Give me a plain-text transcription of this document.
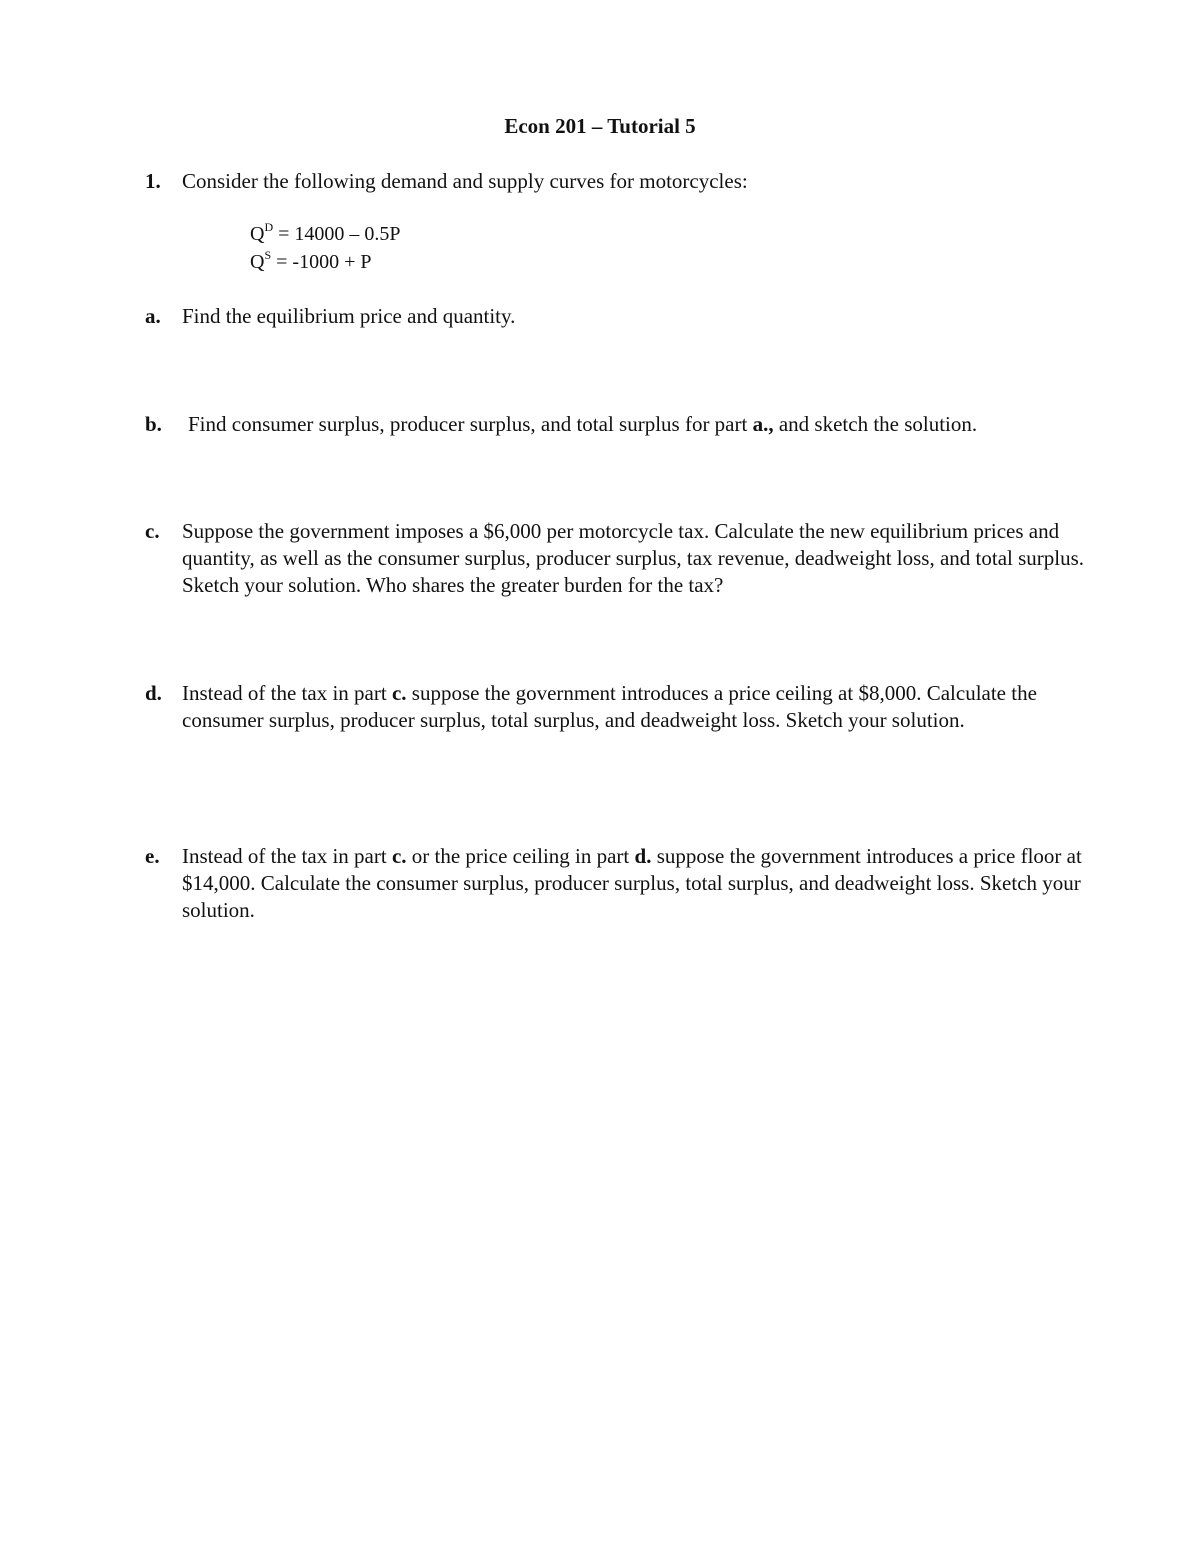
Econ 201 – Tutorial 5
1. Consider the following demand and supply curves for motorcycles:
$Q^D = 14000 - 0.5P$
$Q^S = -1000 + P$
a. Find the equilibrium price and quantity.
b. Find consumer surplus, producer surplus, and total surplus for part a., and sketch the solution.
c. Suppose the government imposes a $6,000 per motorcycle tax. Calculate the new equilibrium prices and quantity, as well as the consumer surplus, producer surplus, tax revenue, deadweight loss, and total surplus. Sketch your solution. Who shares the greater burden for the tax?
d. Instead of the tax in part c. suppose the government introduces a price ceiling at $8,000. Calculate the consumer surplus, producer surplus, total surplus, and deadweight loss. Sketch your solution.
e. Instead of the tax in part c. or the price ceiling in part d. suppose the government introduces a price floor at $14,000. Calculate the consumer surplus, producer surplus, total surplus, and deadweight loss. Sketch your solution.
